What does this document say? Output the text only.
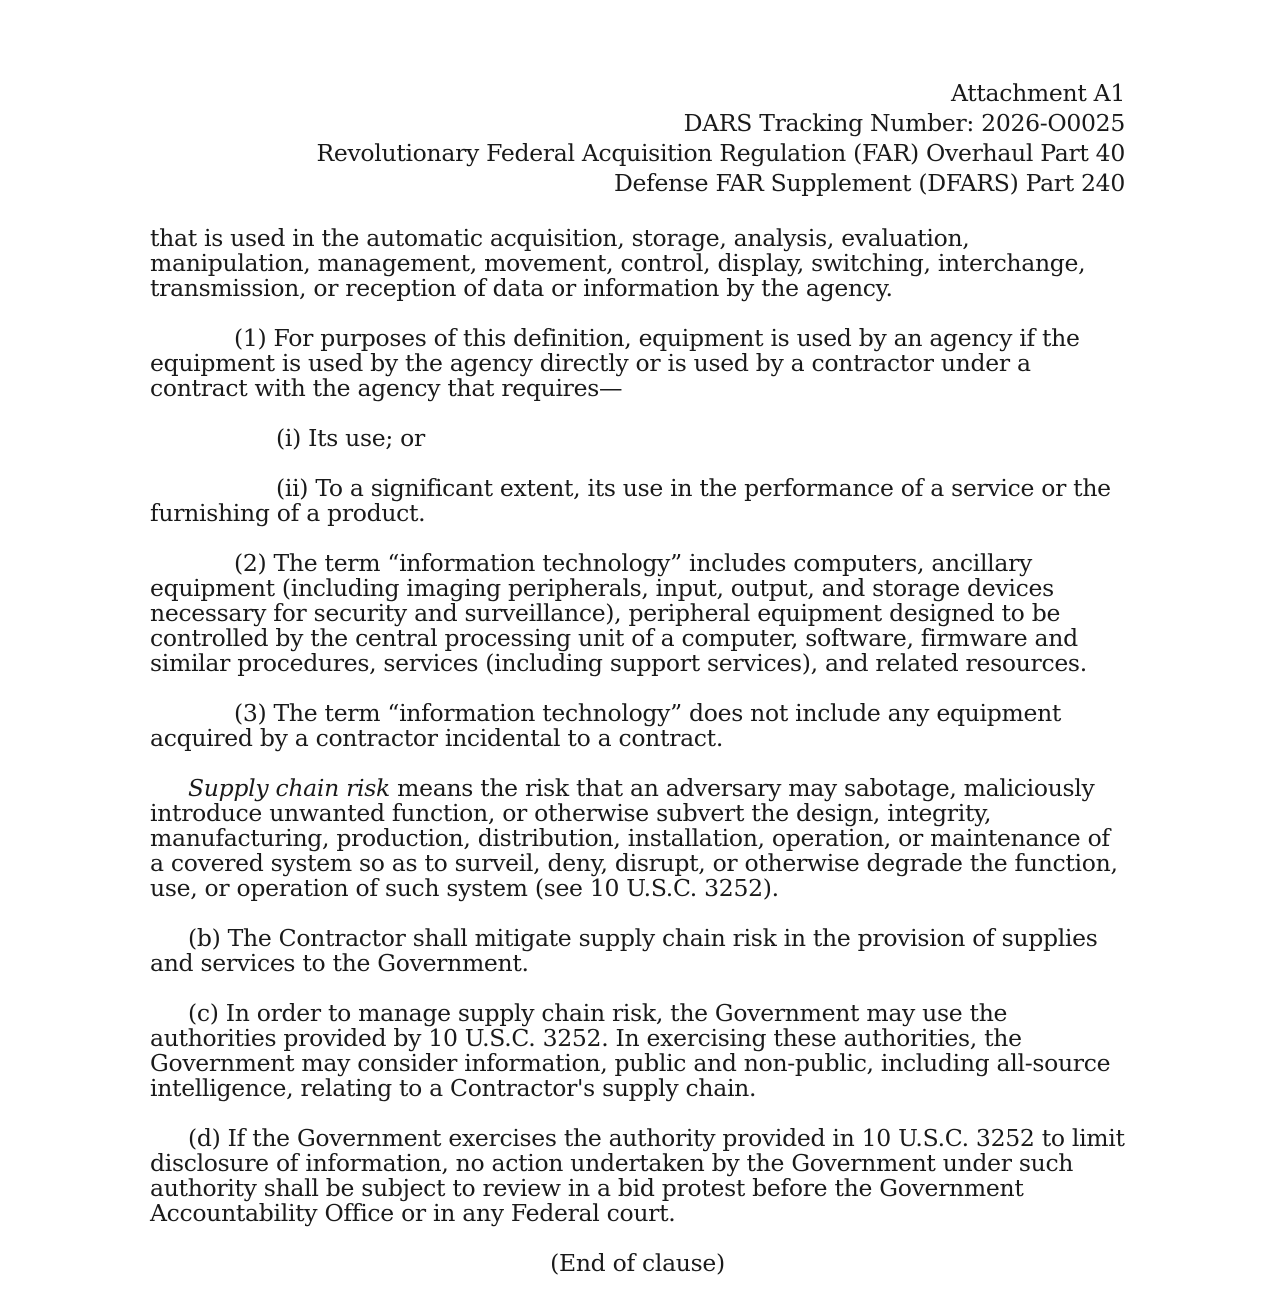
Attachment A1
DARS Tracking Number: 2026-O0025
Revolutionary Federal Acquisition Regulation (FAR) Overhaul Part 40
Defense FAR Supplement (DFARS) Part 240

that is used in the automatic acquisition, storage, analysis, evaluation, manipulation, management, movement, control, display, switching, interchange, transmission, or reception of data or information by the agency.

(1) For purposes of this definition, equipment is used by an agency if the equipment is used by the agency directly or is used by a contractor under a contract with the agency that requires—

(i) Its use; or

(ii) To a significant extent, its use in the performance of a service or the furnishing of a product.

(2) The term “information technology” includes computers, ancillary equipment (including imaging peripherals, input, output, and storage devices necessary for security and surveillance), peripheral equipment designed to be controlled by the central processing unit of a computer, software, firmware and similar procedures, services (including support services), and related resources.

(3) The term “information technology” does not include any equipment acquired by a contractor incidental to a contract.

Supply chain risk means the risk that an adversary may sabotage, maliciously introduce unwanted function, or otherwise subvert the design, integrity, manufacturing, production, distribution, installation, operation, or maintenance of a covered system so as to surveil, deny, disrupt, or otherwise degrade the function, use, or operation of such system (see 10 U.S.C. 3252).

(b) The Contractor shall mitigate supply chain risk in the provision of supplies and services to the Government.

(c) In order to manage supply chain risk, the Government may use the authorities provided by 10 U.S.C. 3252. In exercising these authorities, the Government may consider information, public and non-public, including all-source intelligence, relating to a Contractor's supply chain.

(d) If the Government exercises the authority provided in 10 U.S.C. 3252 to limit disclosure of information, no action undertaken by the Government under such authority shall be subject to review in a bid protest before the Government Accountability Office or in any Federal court.

(End of clause)
